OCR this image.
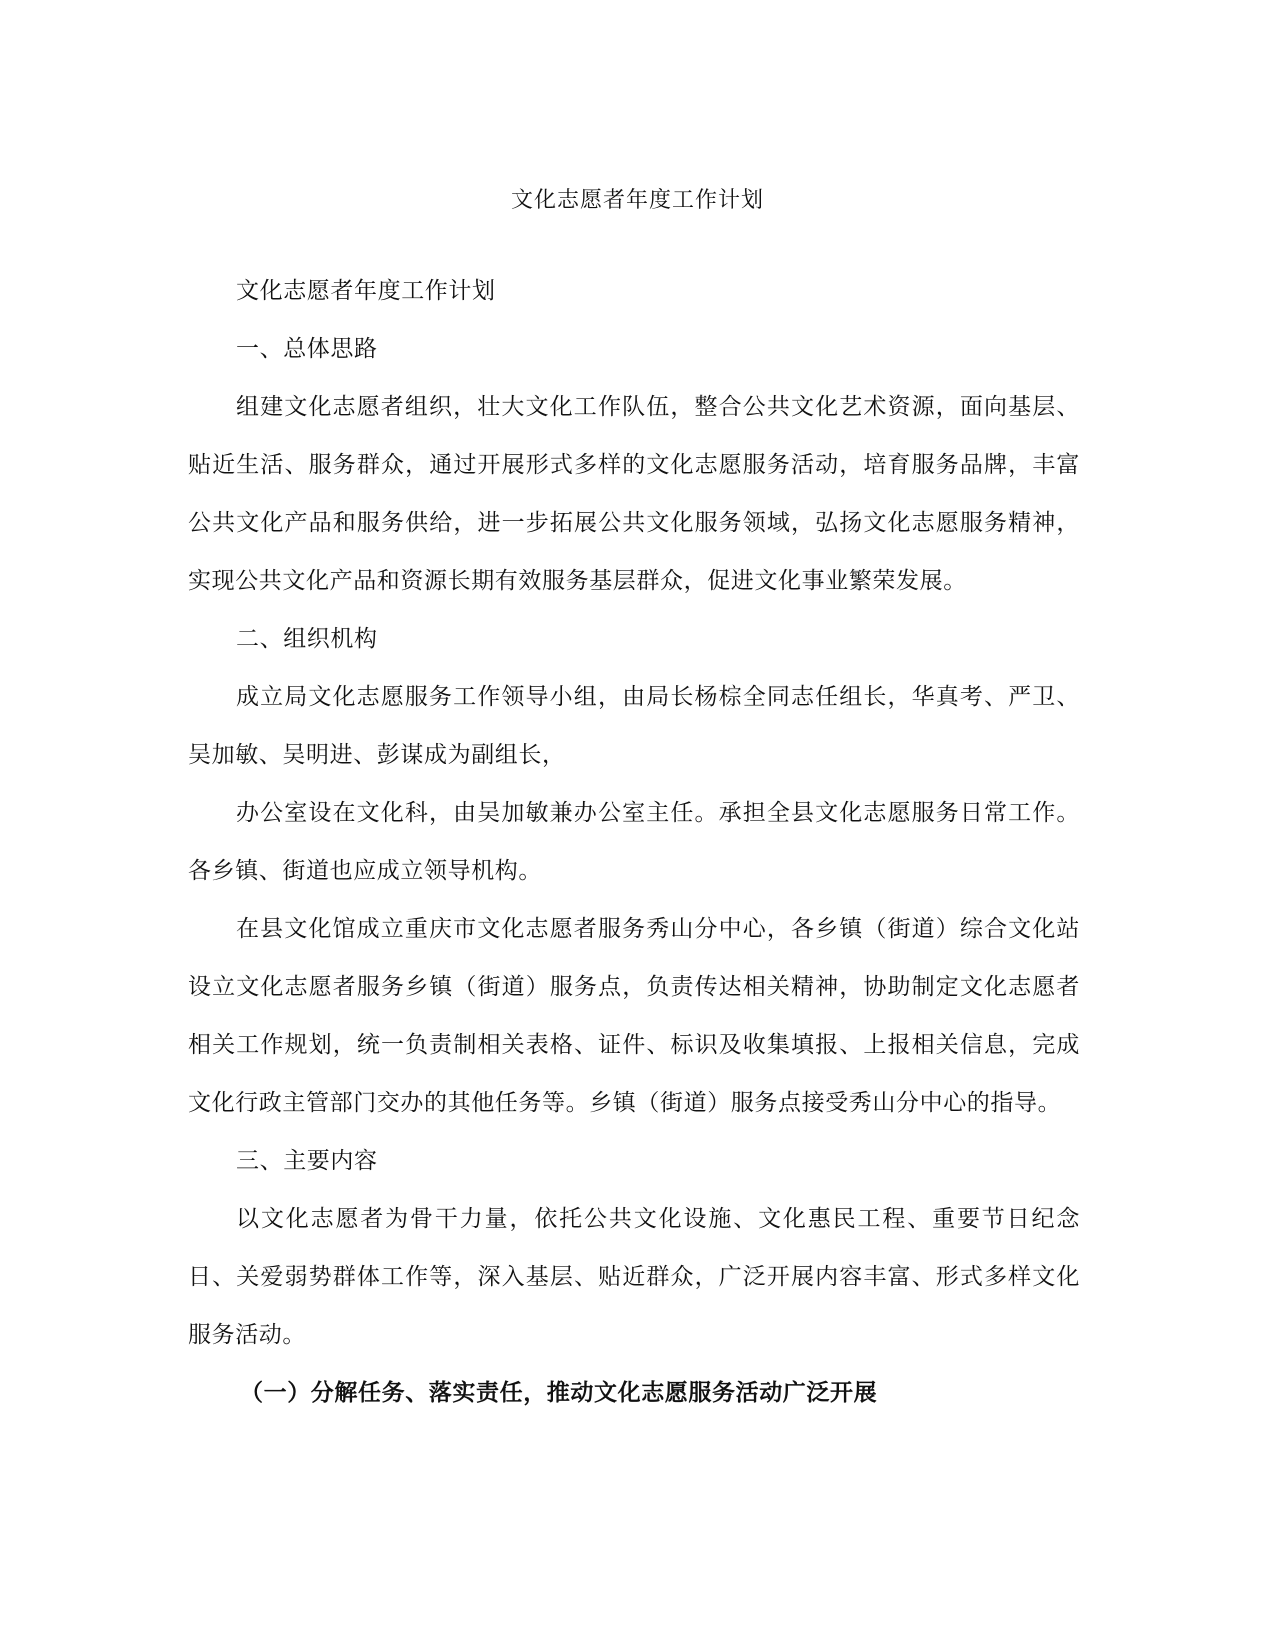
文化志愿者年度工作计划

文化志愿者年度工作计划

一、总体思路

组建文化志愿者组织，壮大文化工作队伍，整合公共文化艺术资源，面向基层、贴近生活、服务群众，通过开展形式多样的文化志愿服务活动，培育服务品牌，丰富公共文化产品和服务供给，进一步拓展公共文化服务领域，弘扬文化志愿服务精神，实现公共文化产品和资源长期有效服务基层群众，促进文化事业繁荣发展。

二、组织机构

成立局文化志愿服务工作领导小组，由局长杨棕全同志任组长，华真考、严卫、吴加敏、吴明进、彭谋成为副组长，

办公室设在文化科，由吴加敏兼办公室主任。承担全县文化志愿服务日常工作。各乡镇、街道也应成立领导机构。

在县文化馆成立重庆市文化志愿者服务秀山分中心，各乡镇（街道）综合文化站设立文化志愿者服务乡镇（街道）服务点，负责传达相关精神，协助制定文化志愿者相关工作规划，统一负责制相关表格、证件、标识及收集填报、上报相关信息，完成文化行政主管部门交办的其他任务等。乡镇（街道）服务点接受秀山分中心的指导。

三、主要内容

以文化志愿者为骨干力量，依托公共文化设施、文化惠民工程、重要节日纪念日、关爱弱势群体工作等，深入基层、贴近群众，广泛开展内容丰富、形式多样文化服务活动。

（一）分解任务、落实责任，推动文化志愿服务活动广泛开展
